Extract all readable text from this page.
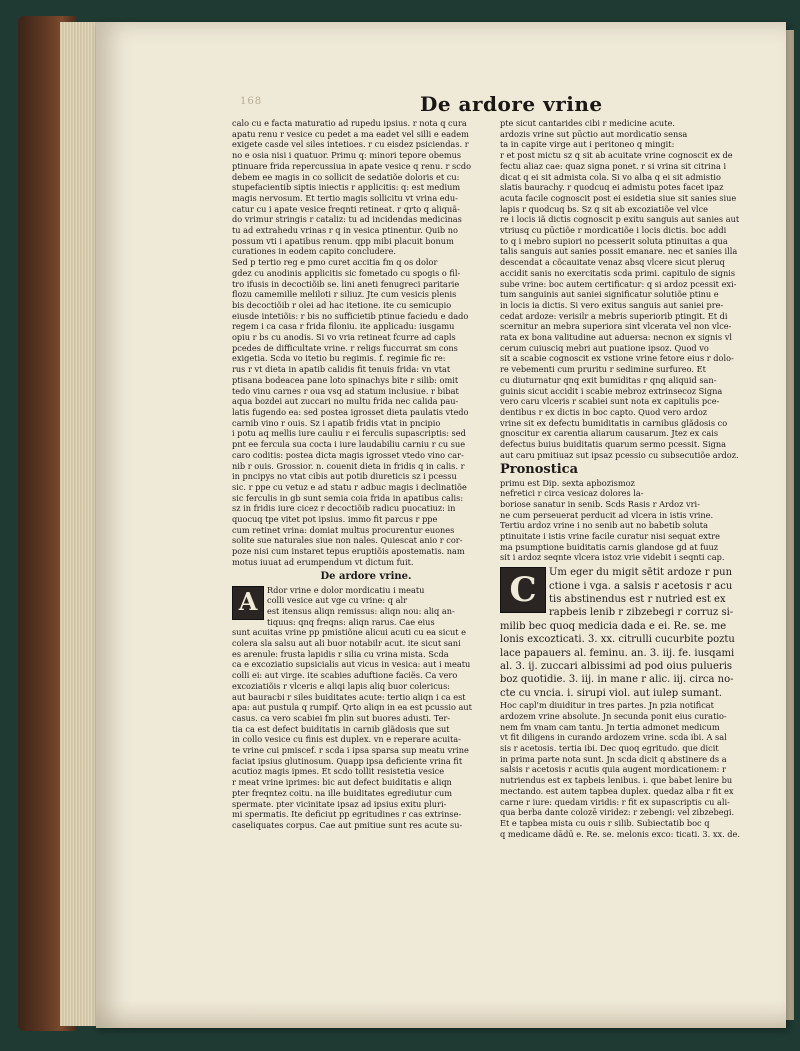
168	De ardore vrine
calo cu e facta maturatio ad rupedu ipsius. r nota q cura
apatu renu r vesice cu pedet a ma eadet vel silli e eadem
exigete casde vel siles intetioes. r cu eisdez psiciendas. r
no e osia nisi i quatuor. Primu q: minori tepore obemus
ptinuare frida repercussiua in apate vesice q renu. r scdo
debem ee magis in co sollicit de sedatiõe doloris et cu:
stupefacientib siptis iniectis r applicitis: q: est medium
magis nervosum. Et tertio magis sollicitu vt vrina edu-
catur cu i apate vesice freqnti retineat. r qrto q aliquã-
do vrimur stringis r cataliz: tu ad incidendas medicinas
tu ad extrahedu vrinas r q in vesica ptinentur. Quib no
possum vti i apatibus renum. qpp mibi placuit bonum
curationes in eodem capito concludere.
Sed p tertio reg e pmo curet accitia fm q os dolor
gdez cu anodinis applicitis sic fometado cu spogis o fil-
tro ifusis in decoctiõib se. lini aneti fenugreci paritarie
flozu camemille meliloti r siliuz. Jte cum vesicis plenis
bis decoctiõib r olei ad hac itetione. ite cu semicupio
eiusde intetiõis: r bis no sufficietib ptinue faciedu e dado
regem i ca casa r frida filoniu. ite applicadu: iusgamu
opiu r bs cu anodis. Si vo vria retineat fcurre ad capls
pcedes de difficultate vrine. r religs fuccurrat sm cons
exigetia. Scda vo itetio bu regimis. f. regimie fic re:
rus r vt dieta in apatib calidis fit tenuis frida: vn vtat
ptisana bodeacea pane loto spinachys bite r silib: omit
tedo vinu carnes r oua vsq ad statum inclusiue. r bibat
aqua bozdei aut zuccari no multu frida nec calida pau-
latis fugendo ea: sed postea igrosset dieta paulatis vtedo
carnib vino r ouis. Sz i apatib fridis vtat in pncipio
i potu aq mellis iure cauliu r ei ferculis supascriptis: sed
pnt ee fercula sua cocta i iure laudabiliu carniu r cu sue
caro coditis: postea dicta magis igrosset vtedo vino car-
nib r ouis. Grossior. n. couenit dieta in fridis q in calis. r
in pncipys no vtat cibis aut potib diureticis sz i pcessu
sic. r ppe cu vetuz e ad statu r adbuc magis i declinatiõe
sic ferculis in gb sunt semia coia frida in apatibus calis:
sz in fridis iure cicez r decoctiõib radicu puocatiuz: in
quocuq tpe vitet pot ipsius. immo fit parcus r ppe
cum retinet vrina: domiat multus procurentur euones
solite sue naturales siue non nales. Quiescat anio r cor-
poze nisi cum instaret tepus eruptiõis apostematis. nam
motus iuuat ad erumpendum vt dictum fuit.
De ardore vrine.
A	Rdor vrine e dolor mordicatiu i meatu
colli vesice aut vge cu vrine: q alr
est itensus aliqn remissus: aliqn nou: aliq an-
tiquus: qnq freqns: aliqn rarus. Cae eius
sunt acuitas vrine pp pmistiõne alicui acuti cu ea sicut e
colera sla salsu aut ali buor notabilr acut. ite sicut sani
es arenule: frusta lapidis r silia cu vrina mista. Scda
ca e excoziatio supsicialis aut vicus in vesica: aut i meatu
colli ei: aut virge. ite scabies aduftione faciës. Ca vero
excoziatiõis r vlceris e aliqi lapis aliq buor colericus:
aut bauracbi r siles buiditates acute: tertio aliqn i ca est
apa: aut pustula q rumpif. Qrto aliqn in ea est pcussio aut
casus. ca vero scabiei fm plin sut buores adusti. Ter-
tia ca est defect buiditatis in carnib glãdosis que sut
in collo vesice cu finis est duplex. vn e reperare acuita-
te vrine cui pmiscef. r scda i ipsa sparsa sup meatu vrine
faciat ipsius glutinosum. Quapp ipsa deficiente vrina fit
acutioz magis ipmes. Et scdo tollit resistetia vesice
r meat vrine iprimes: bic aut defect buiditatis e aliqn
pter freqntez coitu. na ille buiditates egrediutur cum
spermate. pter vicinitate ipsaz ad ipsius exitu pluri-
mi spermatis. Ite deficiut pp egritudines r cas extrinse-
caseliquates corpus. Cae aut pmitiue sunt res acute su-
pte sicut cantarides cibi r medicine acute.
ardozis vrine sut pūctio aut mordicatio sensa
ta in capite virge aut i peritoneo q mingit:
r et post mictu sz q sit ab acuitate vrine cognoscit ex de
fectu aliaz cae: quaz signa ponet. r si vrina sit citrina i
dicat q ei sit admista cola. Si vo alba q ei sit admistio
slatis baurachy. r quodcuq ei admistu potes facet ipaz
acuta facile cognoscit post ei esidetia siue sit sanies siue
lapis r quodcuq bs. Sz q sit ab excoziatiõe vel vlce
re i locis iã dictis cognoscit p exitu sanguis aut sanies aut
vtriusq cu pūctiõe r mordicatiõe i locis dictis. boc addi
to q i mebro supiori no pcesserit soluta ptinuitas a qua
talis sanguis aut sanies possit emanare. nec et sanies illa
descendat a cõcauitate venaz absq vlcere sicut pleruq
accidit sanis no exercitatis scda primi. capitulo de signis
sube vrine: boc autem certificatur: q si ardoz pcessit exi-
tum sanguinis aut saniei significatur solutiõe ptinu e
in locis ia dictis. Si vero exitus sanguis aut saniei pre-
cedat ardoze: verisilr a mebris superiorib ptingit. Et di
scernitur an mebra superiora sint vlcerata vel non vlce-
rata ex bona valitudine aut aduersa: necnon ex signis vl
cerum cuiusciq mebri aut puatione ipsoz. Quod vo
sit a scabie cognoscit ex vstione vrine fetore eius r dolo-
re vebementi cum pruritu r sedimine surfureo. Et
cu diuturnatur qnq exit bumiditas r qnq aliquid san-
guinis sicut accidit i scabie mebroz extrinsecoz Signa
vero caru vlceris r scabiei sunt nota ex capitulis pce-
dentibus r ex dictis in boc capto. Quod vero ardoz
vrine sit ex defectu bumiditatis in carnibus glãdosis co
gnoscitur ex carentia aliarum causarum. Jtez ex cais
defectus buius buiditatis quarum sermo pcessit. Signa
aut caru pmitiuaz sut ipsaz pcessio cu subsecutiõe ardoz.
Pronostica
primu est Dip. sexta apbozismoz
nefretici r circa vesicaz dolores la-
boriose sanatur in senib. Scds Rasis r Ardoz vri-
ne cum perseuerat perducit ad vlcera in istis vrine.
Tertiu ardoz vrine i no senib aut no babetib soluta
ptinuitate i istis vrine facile curatur nisi sequat extre
ma psumptione buiditatis carnis glandose gd at fuuz
sit i ardoz seqnte vlcera istoz vrie videbit i seqnti cap.
C	Um eger du migit sētit ardoze r pun
ctione i vga. a salsis r acetosis r acu
tis abstinendus est r nutried est ex
rapbeis lenib r zibzebegi r corruz si-
milib bec quoq medicia dada e ei. Re. se. me
lonis excozticati. 3. xx. citrulli cucurbite poztu
lace papauers al. feminu. an. 3. iij. fe. iusqami
al. 3. ij. zuccari albissimi ad pod oius pulueris
boz quotidie. 3. iij. in mane r alic. iij. circa no-
cte cu vncia. i. sirupi viol. aut iulep sumant.
Hoc capl'm diuiditur in tres partes. Jn pzia notificat
ardozem vrine absolute. Jn secunda ponit eius curatio-
nem fm vnam cam tantu. Jn tertia admonet medicum
vt fit diligens in curando ardozem vrine. scda ibi. A sal
sis r acetosis. tertia ibi. Dec quoq egritudo. que dicit
in prima parte nota sunt. Jn scda dicit q abstinere ds a
salsis r acetosis r acutis quia augent mordicationem: r
nutriendus est ex tapbeis lenibus. i. que babet lenire bu
mectando. est autem tapbea duplex. quedaz alba r fit ex
carne r iure: quedam viridis: r fit ex supascriptis cu ali-
qua berba dante colozē viridez: r zebengi: vel zibzebegi.
Et e tapbea mista cu ouis r silib. Subiectatib boc q
q medicame dādū e. Re. se. melonis exco: ticati. 3. xx. de.
